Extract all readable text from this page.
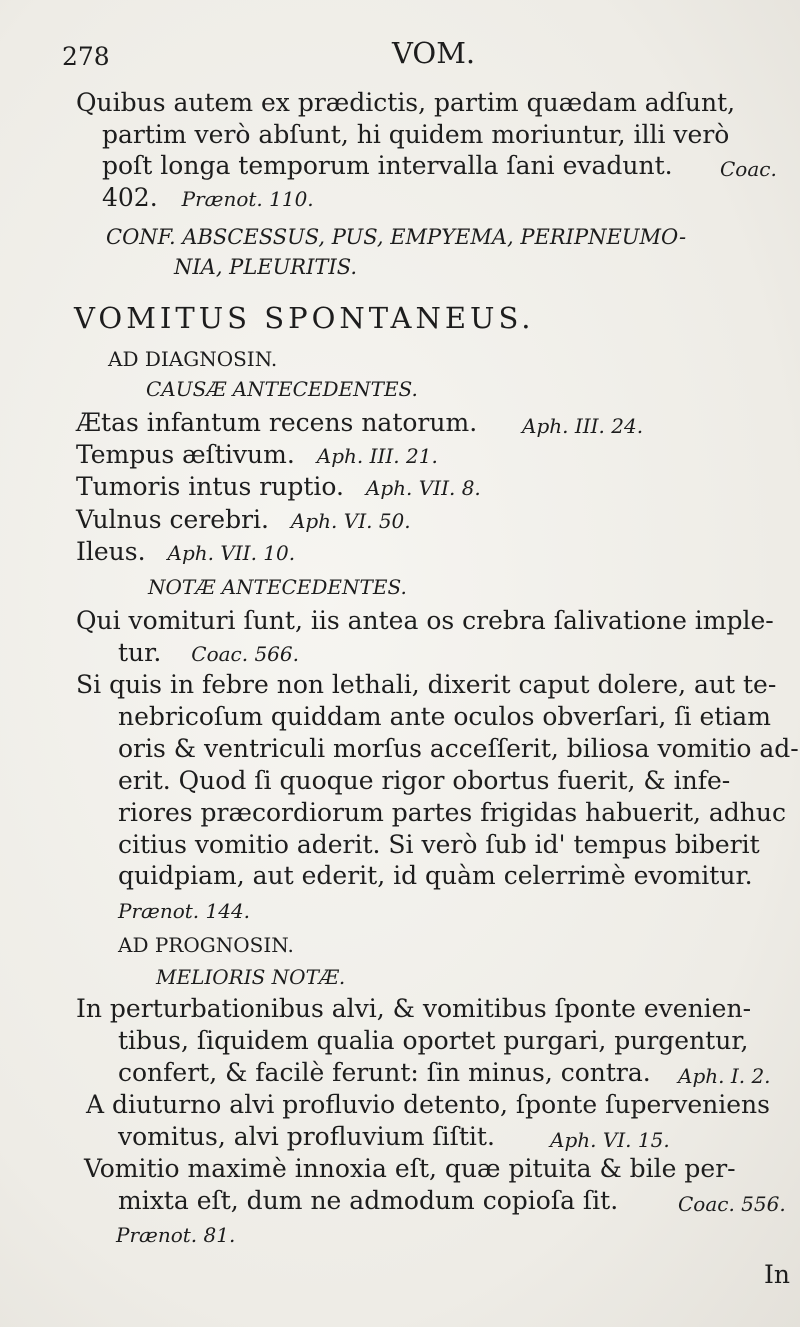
278	VOM.
Quibus autem ex prædictis, partim quædam adſunt,
partim verò abſunt, hi quidem moriuntur, illi verò
poſt longa temporum intervalla ſani evadunt. Coac.
402. Prænot. 110.
CONF. ABSCESSUS, PUS, EMPYEMA, PERIPNEUMO-
NIA, PLEURITIS.
VOMITUS SPONTANEUS.
AD DIAGNOSIN.
CAUSÆ ANTECEDENTES.
Ætas infantum recens natorum. Aph. III. 24.
Tempus æſtivum. Aph. III. 21.
Tumoris intus ruptio. Aph. VII. 8.
Vulnus cerebri. Aph. VI. 50.
Ileus. Aph. VII. 10.
NOTÆ ANTECEDENTES.
Qui vomituri ſunt, iis antea os crebra ſalivatione imple-
tur. Coac. 566.
Si quis in febre non lethali, dixerit caput dolere, aut te-
nebricoſum quiddam ante oculos obverſari, ſi etiam
oris & ventriculi morſus acceſſerit, biliosa vomitio ad-
erit. Quod ſi quoque rigor obortus fuerit, & infe-
riores præcordiorum partes frigidas habuerit, adhuc
citius vomitio aderit. Si verò ſub id' tempus biberit
quidpiam, aut ederit, id quàm celerrimè evomitur.
Prænot. 144.
AD PROGNOSIN.
MELIORIS NOTÆ.
In perturbationibus alvi, & vomitibus ſponte evenien-
tibus, ſiquidem qualia oportet purgari, purgentur,
confert, & facilè ferunt: ſin minus, contra. Aph. I. 2.
A diuturno alvi profluvio detento, ſponte ſuperveniens
vomitus, alvi profluvium ſiſtit.	Aph. VI. 15.
Vomitio maximè innoxia eſt, quæ pituita & bile per-
mixta eſt, dum ne admodum copioſa ſit.	Coac. 556.
Prænot. 81.
In
